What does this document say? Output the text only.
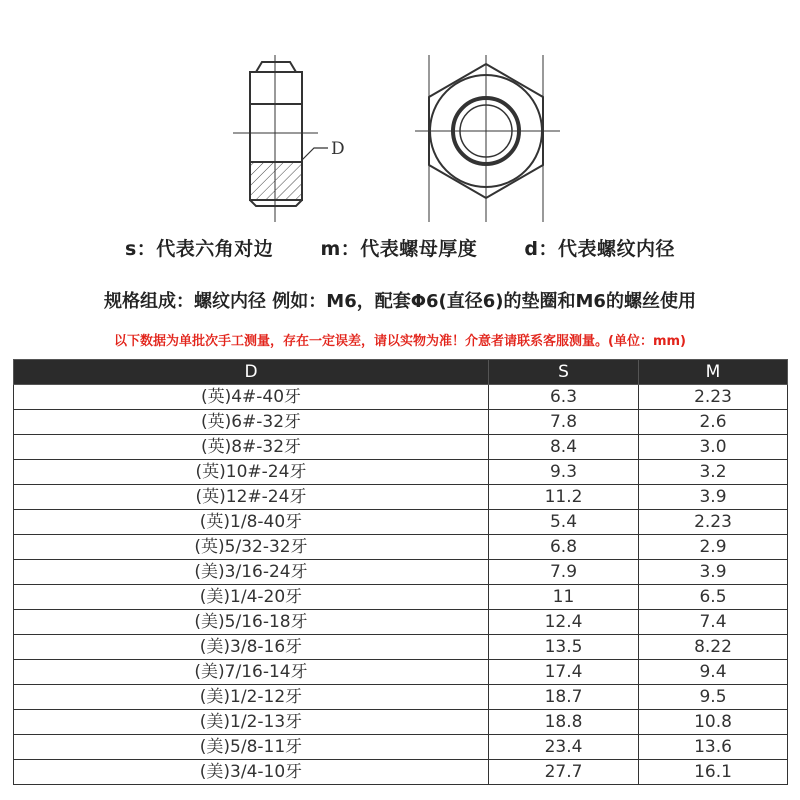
D
s：代表六角对边 m：代表螺母厚度 d：代表螺纹内径
规格组成：螺纹内径 例如：M6，配套Φ6(直径6)的垫圈和M6的螺丝使用
以下数据为单批次手工测量，存在一定误差，请以实物为准！介意者请联系客服测量。(单位：mm)
D	S	M
(英)4#-40牙	6.3	2.23
(英)6#-32牙	7.8	2.6
(英)8#-32牙	8.4	3.0
(英)10#-24牙	9.3	3.2
(英)12#-24牙	11.2	3.9
(英)1/8-40牙	5.4	2.23
(英)5/32-32牙	6.8	2.9
(美)3/16-24牙	7.9	3.9
(美)1/4-20牙	11	6.5
(美)5/16-18牙	12.4	7.4
(美)3/8-16牙	13.5	8.22
(美)7/16-14牙	17.4	9.4
(美)1/2-12牙	18.7	9.5
(美)1/2-13牙	18.8	10.8
(美)5/8-11牙	23.4	13.6
(美)3/4-10牙	27.7	16.1
